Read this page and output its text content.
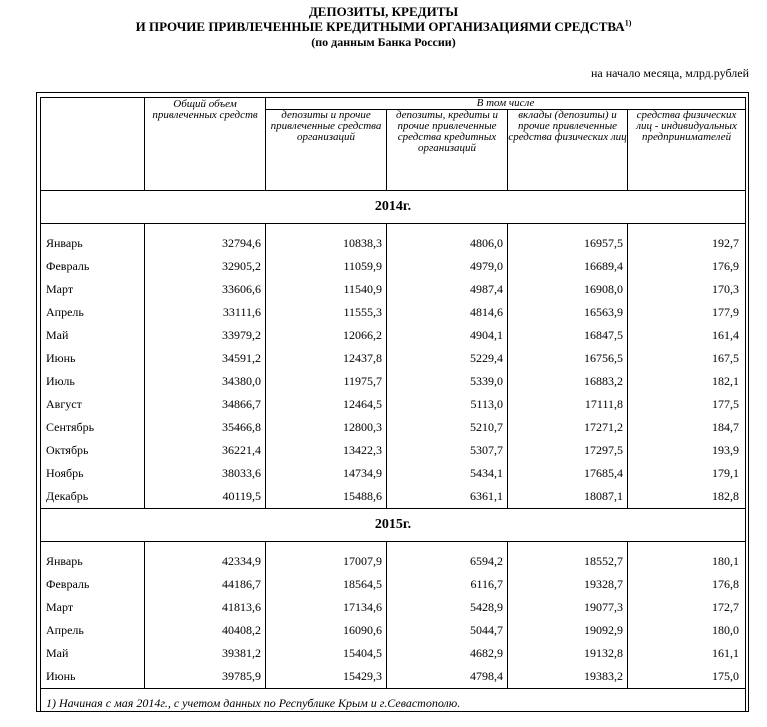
ДЕПОЗИТЫ, КРЕДИТЫ
И ПРОЧИЕ ПРИВЛЕЧЕННЫЕ КРЕДИТНЫМИ ОРГАНИЗАЦИЯМИ СРЕДСТВА$^{1)}$
(по данным Банка России)
на начало месяца, млрд.рублей
	Общий объем привлеченных средств	В том числе			
		депозиты и прочие привлеченные средства организаций	депозиты, кредиты и прочие привлеченные средства кредитных организаций	вклады (депозиты) и прочие привлеченные средства физических лиц	средства физических лиц - индивидуальных предпринимателей
2014г.					

Январь	32794,6	10838,3	4806,0	16957,5	192,7
Февраль	32905,2	11059,9	4979,0	16689,4	176,9
Март	33606,6	11540,9	4987,4	16908,0	170,3
Апрель	33111,6	11555,3	4814,6	16563,9	177,9
Май	33979,2	12066,2	4904,1	16847,5	161,4
Июнь	34591,2	12437,8	5229,4	16756,5	167,5
Июль	34380,0	11975,7	5339,0	16883,2	182,1
Август	34866,7	12464,5	5113,0	17111,8	177,5
Сентябрь	35466,8	12800,3	5210,7	17271,2	184,7
Октябрь	36221,4	13422,3	5307,7	17297,5	193,9
Ноябрь	38033,6	14734,9	5434,1	17685,4	179,1
Декабрь	40119,5	15488,6	6361,1	18087,1	182,8
2015г.					

Январь	42334,9	17007,9	6594,2	18552,7	180,1
Февраль	44186,7	18564,5	6116,7	19328,7	176,8
Март	41813,6	17134,6	5428,9	19077,3	172,7
Апрель	40408,2	16090,6	5044,7	19092,9	180,0
Май	39381,2	15404,5	4682,9	19132,8	161,1
Июнь	39785,9	15429,3	4798,4	19383,2	175,0
1) Начиная с мая 2014г., с учетом данных по Республике Крым и г.Севастополю.					
